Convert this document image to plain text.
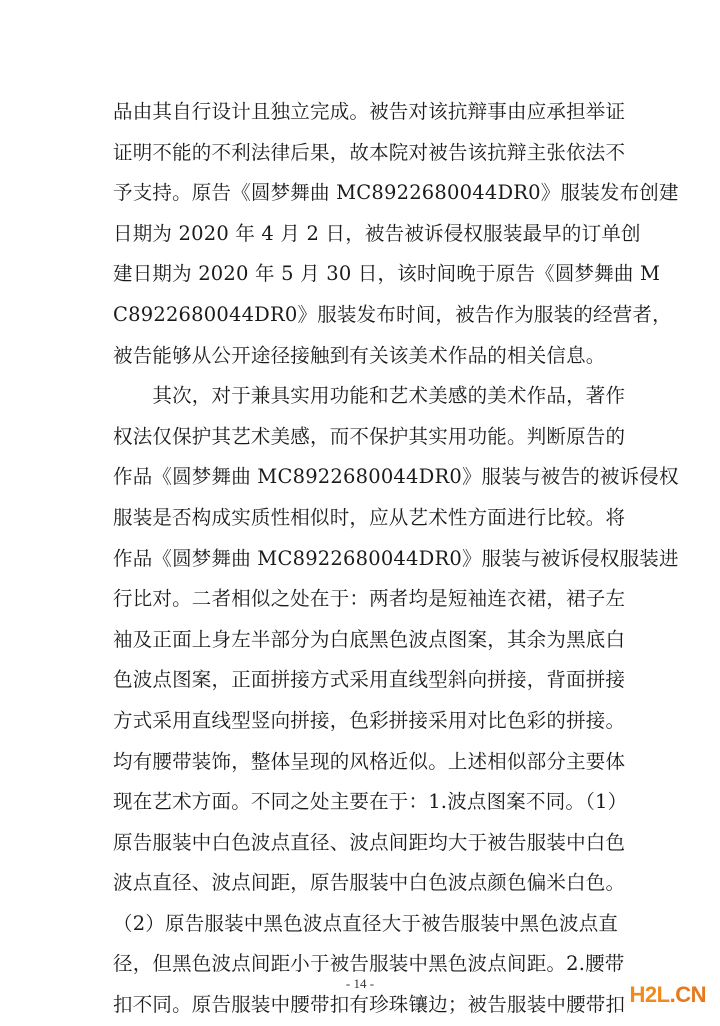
品由其自行设计且独立完成。被告对该抗辩事由应承担举证
证明不能的不利法律后果，故本院对被告该抗辩主张依法不
予支持。原告《圆梦舞曲 MC8922680044DR0》服装发布创建
日期为 2020 年 4 月 2 日，被告被诉侵权服装最早的订单创
建日期为 2020 年 5 月 30 日，该时间晚于原告《圆梦舞曲 M
C8922680044DR0》服装发布时间，被告作为服装的经营者，
被告能够从公开途径接触到有关该美术作品的相关信息。
　　其次，对于兼具实用功能和艺术美感的美术作品，著作
权法仅保护其艺术美感，而不保护其实用功能。判断原告的
作品《圆梦舞曲 MC8922680044DR0》服装与被告的被诉侵权
服装是否构成实质性相似时，应从艺术性方面进行比较。将
作品《圆梦舞曲 MC8922680044DR0》服装与被诉侵权服装进
行比对。二者相似之处在于：两者均是短袖连衣裙，裙子左
袖及正面上身左半部分为白底黑色波点图案，其余为黑底白
色波点图案，正面拼接方式采用直线型斜向拼接，背面拼接
方式采用直线型竖向拼接，色彩拼接采用对比色彩的拼接。
均有腰带装饰，整体呈现的风格近似。上述相似部分主要体
现在艺术方面。不同之处主要在于：1.波点图案不同。（1）
原告服装中白色波点直径、波点间距均大于被告服装中白色
波点直径、波点间距，原告服装中白色波点颜色偏米白色。
（2）原告服装中黑色波点直径大于被告服装中黑色波点直
径，但黑色波点间距小于被告服装中黑色波点间距。2.腰带
扣不同。原告服装中腰带扣有珍珠镶边；被告服装中腰带扣
- 14 -	H2L.CN
